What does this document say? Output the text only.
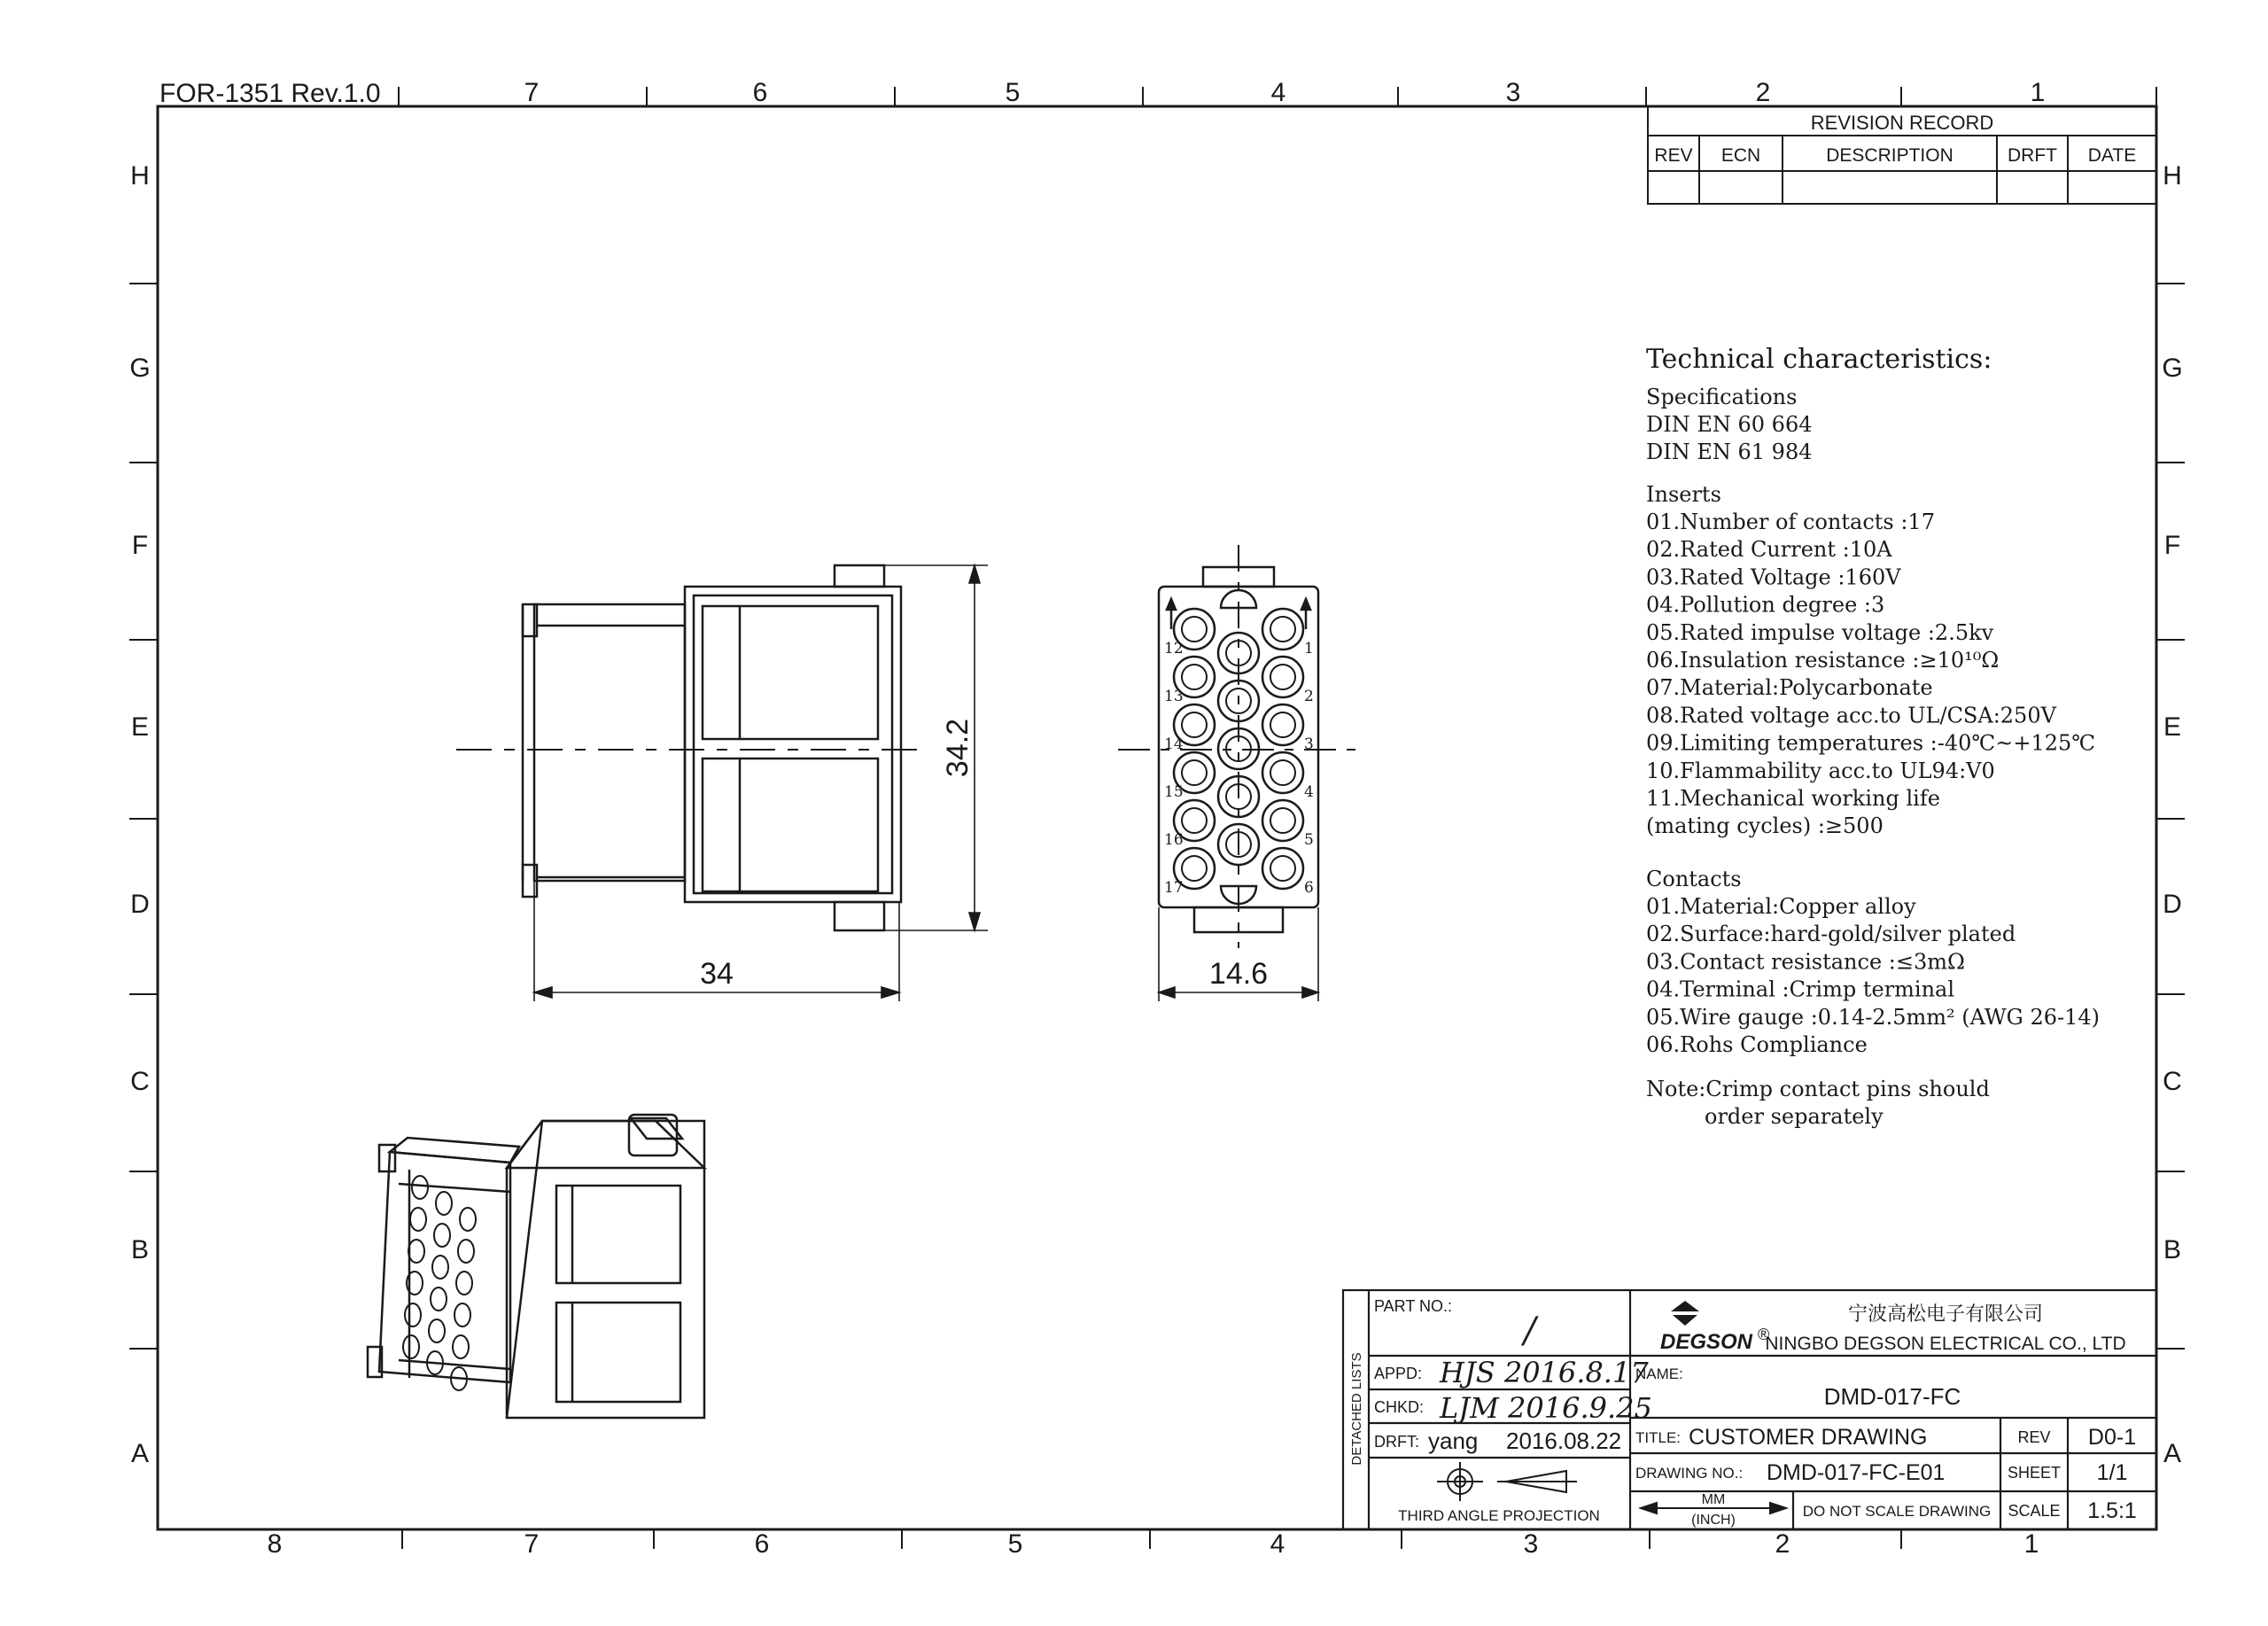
7	6	5	4	3	2	1
8	7	6	5	4	3	2	1
H	H
G	G
F	F
E	E
D	D
C	C
B	B
A	A
FOR-1351 Rev.1.0
REVISION RECORD
REV ECN	DESCRIPTION	DRFT DATE
Technical characteristics:
Specifications
DIN EN 60 664
DIN EN 61 984
Inserts
01.Number of contacts :17
02.Rated Current :10A
03.Rated Voltage :160V
04.Pollution degree :3
05.Rated impulse voltage :2.5kv
06.Insulation resistance :≥10¹⁰Ω
07.Material:Polycarbonate
08.Rated voltage acc.to UL/CSA:250V
09.Limiting temperatures :-40℃~+125℃
10.Flammability acc.to UL94:V0
11.Mechanical working life
(mating cycles) :≥500
Contacts
01.Material:Copper alloy
02.Surface:hard-gold/silver plated
03.Contact resistance :≤3mΩ
04.Terminal :Crimp terminal
05.Wire gauge :0.14-2.5mm² (AWG 26-14)
06.Rohs Compliance
Note:Crimp contact pins should
order separately
34
34.2
12
13
14
15
16
17
1
2
3
4
5
6
14.6
DETACHED LISTS
PART NO.:
/
APPD: HJS 2016.8.17
CHKD: LJM 2016.9.25
DRFT: yang 2016.08.22
THIRD ANGLE PROJECTION
DEGSON ®
宁波高松电子有限公司
NINGBO DEGSON ELECTRICAL CO., LTD
NAME:
DMD-017-FC
TITLE: CUSTOMER DRAWING	REV D0-1
DRAWING NO.: DMD-017-FC-E01	SHEET 1/1
MM
(INCH)
DO NOT SCALE DRAWING SCALE 1.5:1
